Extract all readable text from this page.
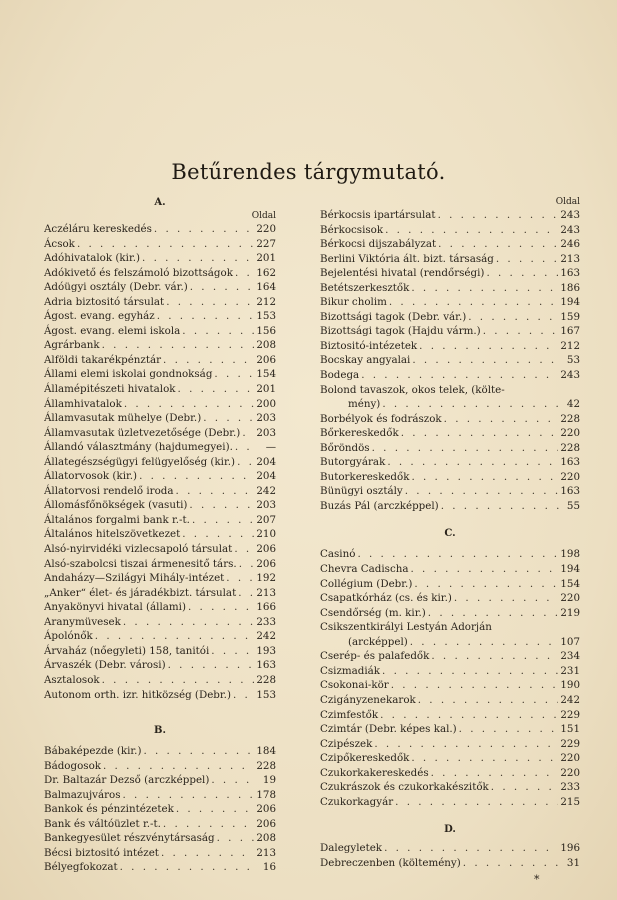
Betűrendes tárgymutató.
A.
Oldal
Aczéláru kereskedés . . .	220
Ácsok . . .	227
Adóhivatalok (kir.) . . .	201
Adókivető és felszámoló bizottságok . . . 162
Adóügyi osztály (Debr. vár.) . . .	164
Adria biztositó társulat . . .	212
Ágost. evang. egyház . . .	153
Ágost. evang. elemi iskola . . .	156
Agrárbank . . .	208
Alföldi takarékpénztár . . .	206
Állami elemi iskolai gondnokság . . .	154
Államépitészeti hivatalok . . .	201
Államhivatalok . . .	200
Államvasutak mühelye (Debr.) . . .	203
Államvasutak üzletvezetősége (Debr.) . . . 203
Állandó választmány (hajdumegyei). . . .	—
Állategészségügyi felügyelőség (kir.) . . . 204
Állatorvosok (kir.) . . .	204
Állatorvosi rendelő iroda . . .	242
Állomásfőnökségek (vasuti) . . .	203
Általános forgalmi bank r.-t. . . .	207
Általános hitelszövetkezet . . .	210
Alsó-nyirvidéki vizlecsapoló társulat . . . 206
Alsó-szabolcsi tiszai ármenesitő társ. . . . 206
Andaházy—Szilágyi Mihály-intézet . . .	192
„Anker“ élet- és járadékbizt. társulat . . . 213
Anyakönyvi hivatal (állami) . . .	166
Aranymüvesek . . .	233
Ápolónők . . .	242
Árvaház (nőegyleti) 158, tanitói . . .	193
Árvaszék (Debr. városi) . . .	163
Asztalosok . . .	228
Autonom orth. izr. hitközség (Debr.) . . . 153
B.
Bábaképezde (kir.) . . .	184
Bádogosok . . .	228
Dr. Baltazár Dezső (arczképpel) . . .	19
Balmazujváros . . .	178
Bankok és pénzintézetek . . .	206
Bank és váltóüzlet r.-t. . . .	206
Bankegyesület részvénytársaság . . .	208
Bécsi biztositó intézet . . .	213
Bélyegfokozat . . .	16
Oldal
Bérkocsis ipartársulat . . .	243
Bérkocsisok . . .	243
Bérkocsi dijszabályzat . . .	246
Berlini Viktória ált. bizt. társaság . . .	213
Bejelentési hivatal (rendőrségi) . . .	163
Betétszerkesztők . . .	186
Bikur cholim . . .	194
Bizottsági tagok (Debr. vár.) . . .	159
Bizottsági tagok (Hajdu várm.) . . .	167
Biztositó-intézetek . . .	212
Bocskay angyalai . . .	53
Bodega . . .	243
Bolond tavaszok, okos telek, (költe-
mény) . . .	42
Borbélyok és fodrászok . . .	228
Bőrkereskedők . . .	220
Bőröndös . . .	228
Butorgyárak . . .	163
Butorkereskedők . . .	220
Bünügyi osztály . . .	163
Buzás Pál (arczképpel) . . .	55
C.
Casinó . . .	198
Chevra Cadischa . . .	194
Collégium (Debr.) . . .	154
Csapatkórház (cs. és kir.) . . .	220
Csendőrség (m. kir.) . . .	219
Csikszentkirályi Lestyán Adorján
(arcképpel) . . .	107
Cserép- és palafedők . . .	234
Csizmadiák . . .	231
Csokonai-kör . . .	190
Czigányzenekarok . . .	242
Czimfestők . . .	229
Czimtár (Debr. képes kal.) . . .	151
Czipészek . . .	229
Czipőkereskedők . . .	220
Czukorkakereskedés . . .	220
Czukrászok és czukorkakészitők . . .	233
Czukorkagyár . . .	215
D.
Dalegyletek . . .	196
Debreczenben (költemény) . . .	31
*
